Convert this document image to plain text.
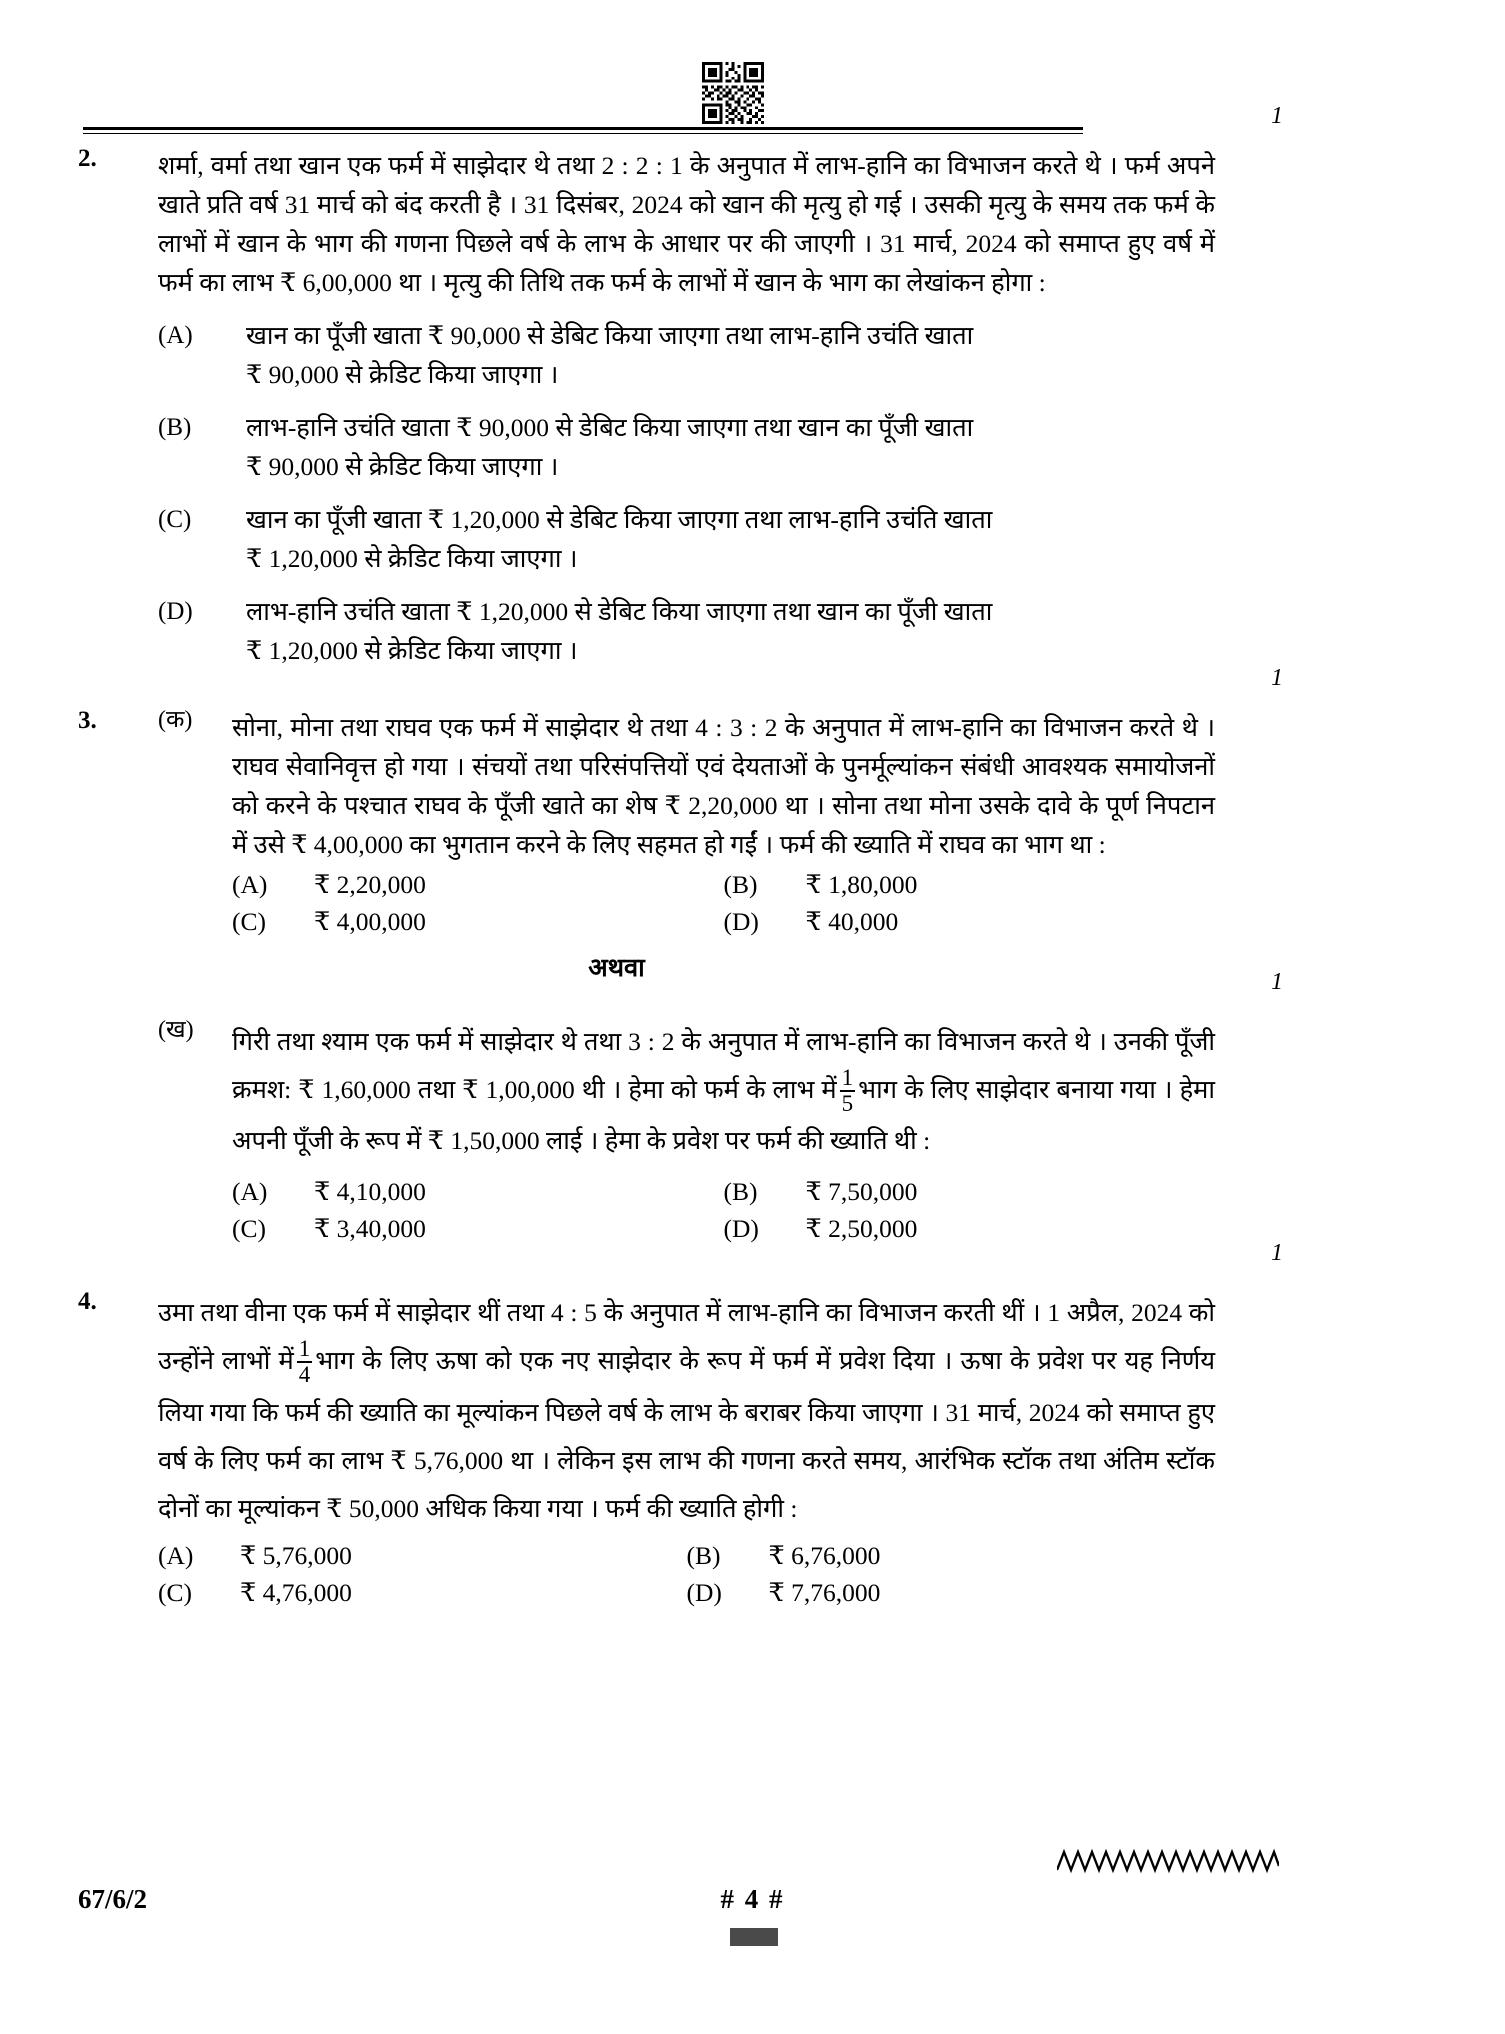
2. शर्मा, वर्मा तथा खान एक फर्म में साझेदार थे तथा 2 : 2 : 1 के अनुपात में लाभ-हानि का विभाजन करते थे । फर्म अपने खाते प्रति वर्ष 31 मार्च को बंद करती है । 31 दिसंबर, 2024 को खान की मृत्यु हो गई । उसकी मृत्यु के समय तक फर्म के लाभों में खान के भाग की गणना पिछले वर्ष के लाभ के आधार पर की जाएगी । 31 मार्च, 2024 को समाप्त हुए वर्ष में फर्म का लाभ ₹ 6,00,000 था । मृत्यु की तिथि तक फर्म के लाभों में खान के भाग का लेखांकन होगा :
1
(A)	खान का पूँजी खाता ₹ 90,000 से डेबिट किया जाएगा तथा लाभ-हानि उचंति खाता
₹ 90,000 से क्रेडिट किया जाएगा ।
(B)	लाभ-हानि उचंति खाता ₹ 90,000 से डेबिट किया जाएगा तथा खान का पूँजी खाता
₹ 90,000 से क्रेडिट किया जाएगा ।
(C)	खान का पूँजी खाता ₹ 1,20,000 से डेबिट किया जाएगा तथा लाभ-हानि उचंति खाता
₹ 1,20,000 से क्रेडिट किया जाएगा ।
(D)	लाभ-हानि उचंति खाता ₹ 1,20,000 से डेबिट किया जाएगा तथा खान का पूँजी खाता
₹ 1,20,000 से क्रेडिट किया जाएगा ।
3.	(क) सोना, मोना तथा राघव एक फर्म में साझेदार थे तथा 4 : 3 : 2 के अनुपात में लाभ-हानि का विभाजन करते थे । राघव सेवानिवृत्त हो गया । संचयों तथा परिसंपत्तियों एवं देयताओं के पुनर्मूल्यांकन संबंधी आवश्यक समायोजनों को करने के पश्चात राघव के पूँजी खाते का शेष ₹ 2,20,000 था । सोना तथा मोना उसके दावे के पूर्ण निपटान में उसे ₹ 4,00,000 का भुगतान करने के लिए सहमत हो गईं । फर्म की ख्याति में राघव का भाग था :
1
(A)	₹ 2,20,000	(B)	₹ 1,80,000
(C)	₹ 4,00,000	(D)	₹ 40,000
अथवा
(ख) गिरी तथा श्याम एक फर्म में साझेदार थे तथा 3 : 2 के अनुपात में लाभ-हानि का विभाजन करते थे । उनकी पूँजी क्रमश: ₹ 1,60,000 तथा ₹ 1,00,000 थी । हेमा को फर्म के लाभ में $\frac{1}{5}$ भाग के लिए साझेदार बनाया गया । हेमा अपनी पूँजी के रूप में ₹ 1,50,000 लाई । हेमा के प्रवेश पर फर्म की ख्याति थी :
1
(A)	₹ 4,10,000	(B)	₹ 7,50,000
(C)	₹ 3,40,000	(D)	₹ 2,50,000
4. उमा तथा वीना एक फर्म में साझेदार थीं तथा 4 : 5 के अनुपात में लाभ-हानि का विभाजन करती थीं । 1 अप्रैल, 2024 को उन्होंने लाभों में $\frac{1}{4}$ भाग के लिए ऊषा को एक नए साझेदार के रूप में फर्म में प्रवेश दिया । ऊषा के प्रवेश पर यह निर्णय लिया गया कि फर्म की ख्याति का मूल्यांकन पिछले वर्ष के लाभ के बराबर किया जाएगा । 31 मार्च, 2024 को समाप्त हुए वर्ष के लिए फर्म का लाभ ₹ 5,76,000 था । लेकिन इस लाभ की गणना करते समय, आरंभिक स्टॉक तथा अंतिम स्टॉक दोनों का मूल्यांकन ₹ 50,000 अधिक किया गया । फर्म की ख्याति होगी :
1
(A)	₹ 5,76,000	(B)	₹ 6,76,000
(C)	₹ 4,76,000	(D)	₹ 7,76,000
67/6/2	# 4 #
